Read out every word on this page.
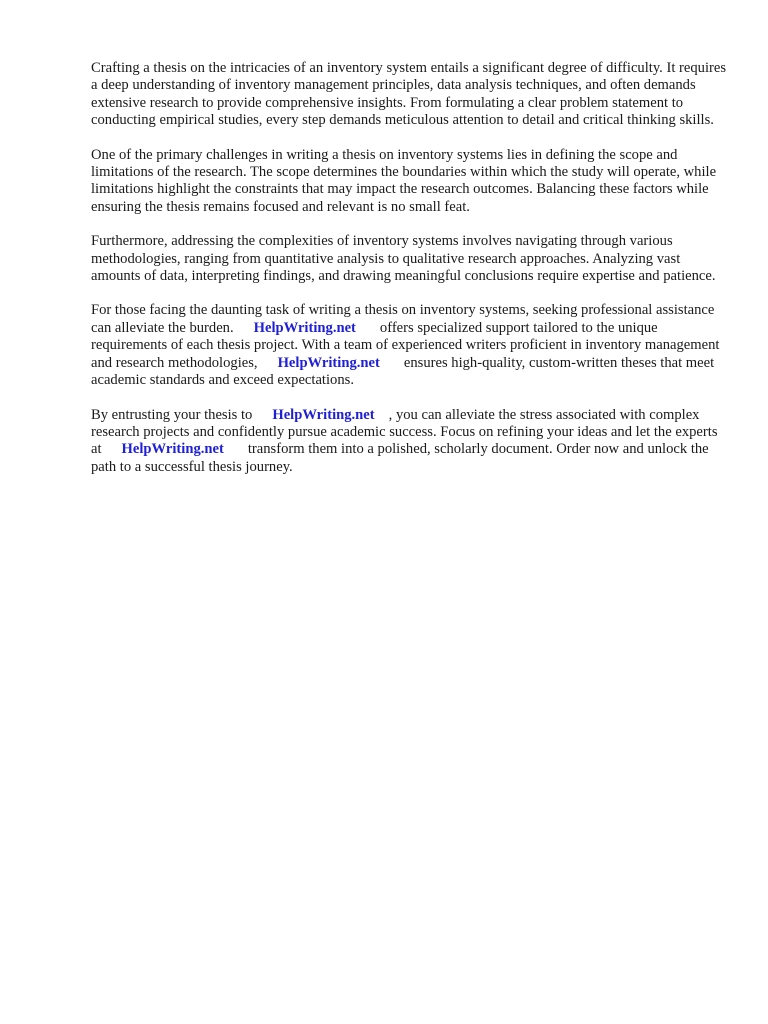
Crafting a thesis on the intricacies of an inventory system entails a significant degree of difficulty. It requires a deep understanding of inventory management principles, data analysis techniques, and often demands extensive research to provide comprehensive insights. From formulating a clear problem statement to conducting empirical studies, every step demands meticulous attention to detail and critical thinking skills.

One of the primary challenges in writing a thesis on inventory systems lies in defining the scope and limitations of the research. The scope determines the boundaries within which the study will operate, while limitations highlight the constraints that may impact the research outcomes. Balancing these factors while ensuring the thesis remains focused and relevant is no small feat.

Furthermore, addressing the complexities of inventory systems involves navigating through various methodologies, ranging from quantitative analysis to qualitative research approaches. Analyzing vast amounts of data, interpreting findings, and drawing meaningful conclusions require expertise and patience.

For those facing the daunting task of writing a thesis on inventory systems, seeking professional assistance can alleviate the burden. HelpWriting.net offers specialized support tailored to the unique requirements of each thesis project. With a team of experienced writers proficient in inventory management and research methodologies, HelpWriting.net ensures high-quality, custom-written theses that meet academic standards and exceed expectations.

By entrusting your thesis to HelpWriting.net , you can alleviate the stress associated with complex research projects and confidently pursue academic success. Focus on refining your ideas and let the experts at HelpWriting.net transform them into a polished, scholarly document. Order now and unlock the path to a successful thesis journey.
